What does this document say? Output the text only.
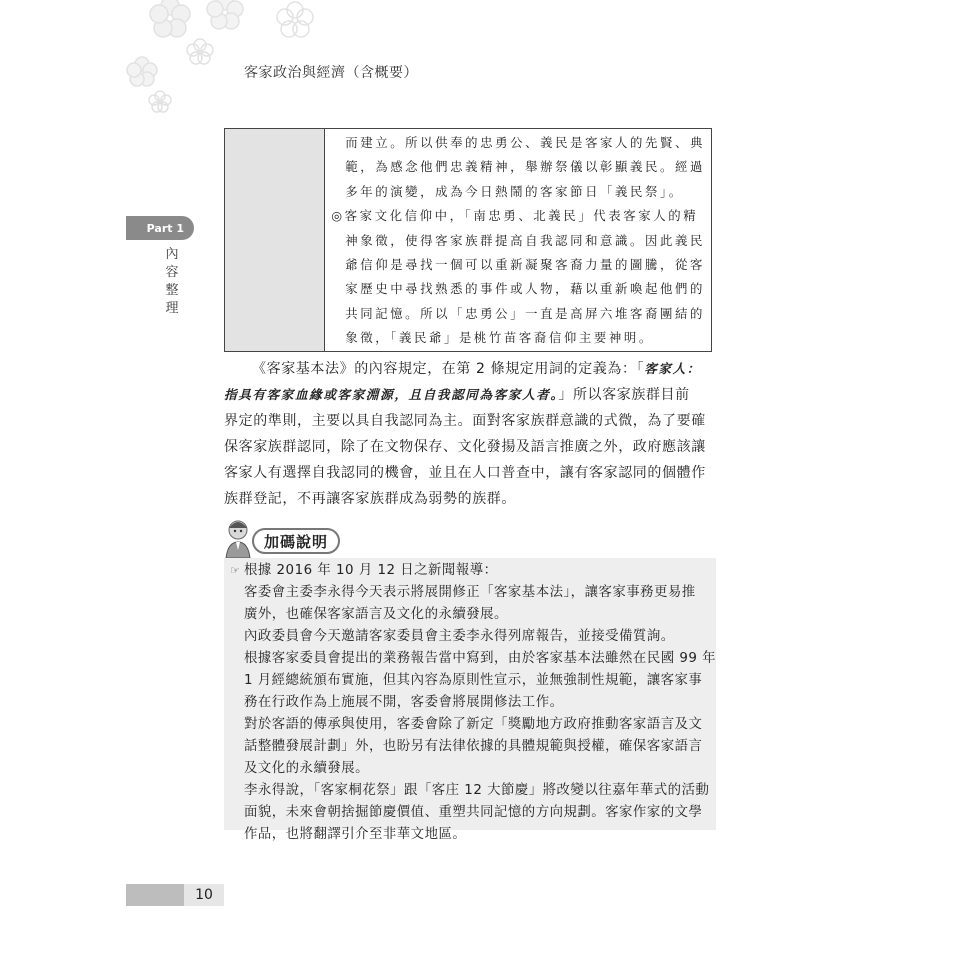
客家政治與經濟（含概要）
Part 1
內
容
整
理
而建立。所以供奉的忠勇公、義民是客家人的先賢、典
範，為感念他們忠義精神，舉辦祭儀以彰顯義民。經過
多年的演變，成為今日熱鬧的客家節日「義民祭」。
◎客家文化信仰中，「南忠勇、北義民」代表客家人的精
神象徵，使得客家族群提高自我認同和意識。因此義民
爺信仰是尋找一個可以重新凝聚客裔力量的圖騰，從客
家歷史中尋找熟悉的事件或人物，藉以重新喚起他們的
共同記憶。所以「忠勇公」一直是高屏六堆客裔團結的
象徵，「義民爺」是桃竹苗客裔信仰主要神明。
《客家基本法》的內容規定，在第 2 條規定用詞的定義為：「客家人：
指具有客家血緣或客家淵源，且自我認同為客家人者。」所以客家族群目前
界定的準則，主要以具自我認同為主。面對客家族群意識的式微，為了要確
保客家族群認同，除了在文物保存、文化發揚及語言推廣之外，政府應該讓
客家人有選擇自我認同的機會，並且在人口普查中，讓有客家認同的個體作
族群登記，不再讓客家族群成為弱勢的族群。
加碼說明
☞ 根據 2016 年 10 月 12 日之新聞報導：
客委會主委李永得今天表示將展開修正「客家基本法」，讓客家事務更易推
廣外，也確保客家語言及文化的永續發展。
內政委員會今天邀請客家委員會主委李永得列席報告，並接受備質詢。
根據客家委員會提出的業務報告當中寫到，由於客家基本法雖然在民國 99 年
1 月經總統頒布實施，但其內容為原則性宣示，並無強制性規範，讓客家事
務在行政作為上施展不開，客委會將展開修法工作。
對於客語的傳承與使用，客委會除了新定「獎勵地方政府推動客家語言及文
話整體發展計劃」外，也盼另有法律依據的具體規範與授權，確保客家語言
及文化的永續發展。
李永得說，「客家桐花祭」跟「客庄 12 大節慶」將改變以往嘉年華式的活動
面貌，未來會朝捨掘節慶價值、重塑共同記憶的方向規劃。客家作家的文學
作品，也將翻譯引介至非華文地區。
10
